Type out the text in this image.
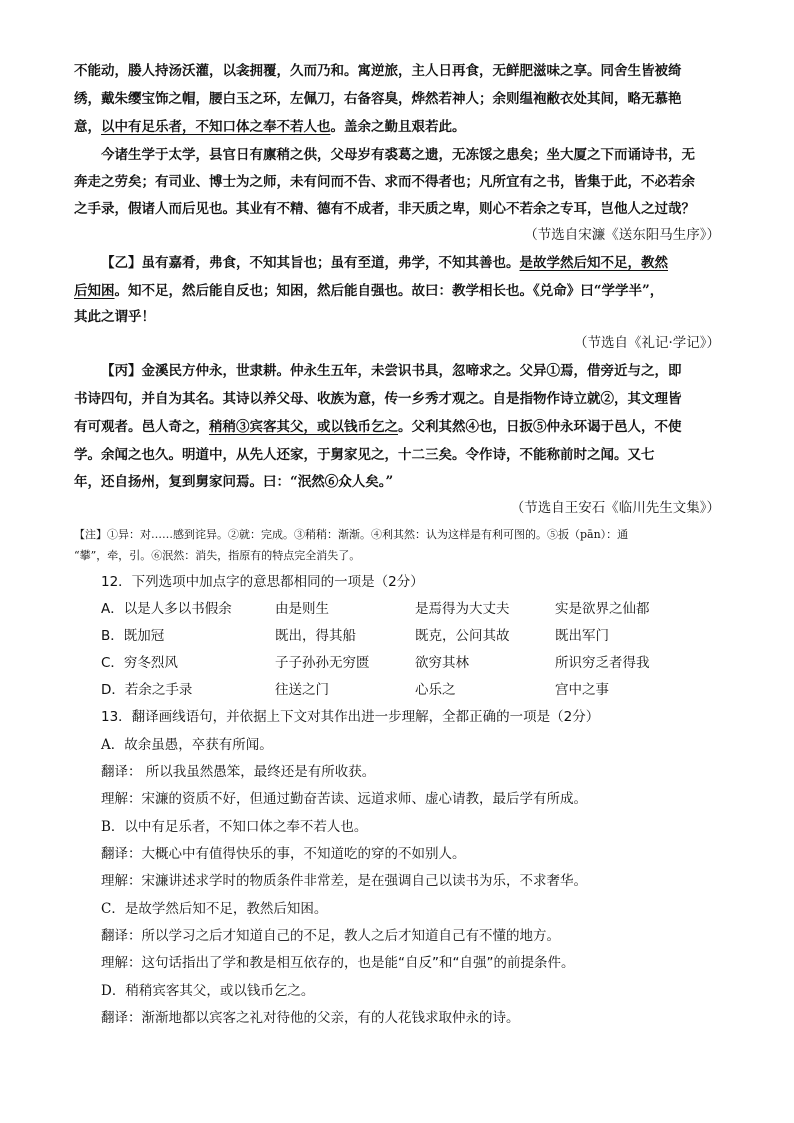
不能动，媵人持汤沃灌，以衾拥覆，久而乃和。寓逆旅，主人日再食，无鲜肥滋味之享。同舍生皆被绮
绣，戴朱缨宝饰之帽，腰白玉之环，左佩刀，右备容臭，烨然若神人；余则缊袍敝衣处其间，略无慕艳
意，以中有足乐者，不知口体之奉不若人也。盖余之勤且艰若此。
今诸生学于太学，县官日有廪稍之供，父母岁有裘葛之遗，无冻馁之患矣；坐大厦之下而诵诗书，无
奔走之劳矣；有司业、博士为之师，未有问而不告、求而不得者也；凡所宜有之书，皆集于此，不必若余
之手录，假诸人而后见也。其业有不精、德有不成者，非天质之卑，则心不若余之专耳，岂他人之过哉？
（节选自宋濂《送东阳马生序》）
【乙】虽有嘉肴，弗食，不知其旨也；虽有至道，弗学，不知其善也。是故学然后知不足，教然
后知困。知不足，然后能自反也；知困，然后能自强也。故曰：教学相长也。《兑命》曰“学学半”，
其此之谓乎！
（节选自《礼记·学记》）
【丙】金溪民方仲永，世隶耕。仲永生五年，未尝识书具，忽啼求之。父异①焉，借旁近与之，即
书诗四句，并自为其名。其诗以养父母、收族为意，传一乡秀才观之。自是指物作诗立就②，其文理皆
有可观者。邑人奇之，稍稍③宾客其父，或以钱币乞之。父利其然④也，日扳⑤仲永环谒于邑人，不使
学。余闻之也久。明道中，从先人还家，于舅家见之，十二三矣。令作诗，不能称前时之闻。又七
年，还自扬州，复到舅家问焉。曰：“泯然⑥众人矣。”
（节选自王安石《临川先生文集》）
【注】①异：对……感到诧异。②就：完成。③稍稍：渐渐。④利其然：认为这样是有利可图的。⑤扳（pān）：通
“攀”，牵，引。⑥泯然：消失，指原有的特点完全消失了。
12．下列选项中加点字的意思都相同的一项是（2分）
A．以是人多以书假余	由是则生	是焉得为大丈夫	实是欲界之仙都
B．既加冠	既出，得其船	既克，公问其故	既出军门
C．穷冬烈风	子子孙孙无穷匮	欲穷其林	所识穷乏者得我
D．若余之手录	往送之门	心乐之	宫中之事
13．翻译画线语句，并依据上下文对其作出进一步理解，全都正确的一项是（2分）
A．故余虽愚，卒获有所闻。
翻译： 所以我虽然愚笨，最终还是有所收获。
理解：宋濂的资质不好，但通过勤奋苦读、远道求师、虚心请教，最后学有所成。
B．以中有足乐者，不知口体之奉不若人也。
翻译：大概心中有值得快乐的事，不知道吃的穿的不如别人。
理解：宋濂讲述求学时的物质条件非常差，是在强调自己以读书为乐，不求奢华。
C．是故学然后知不足，教然后知困。
翻译：所以学习之后才知道自己的不足，教人之后才知道自己有不懂的地方。
理解：这句话指出了学和教是相互依存的，也是能“自反”和“自强”的前提条件。
D．稍稍宾客其父，或以钱币乞之。
翻译：渐渐地都以宾客之礼对待他的父亲，有的人花钱求取仲永的诗。
